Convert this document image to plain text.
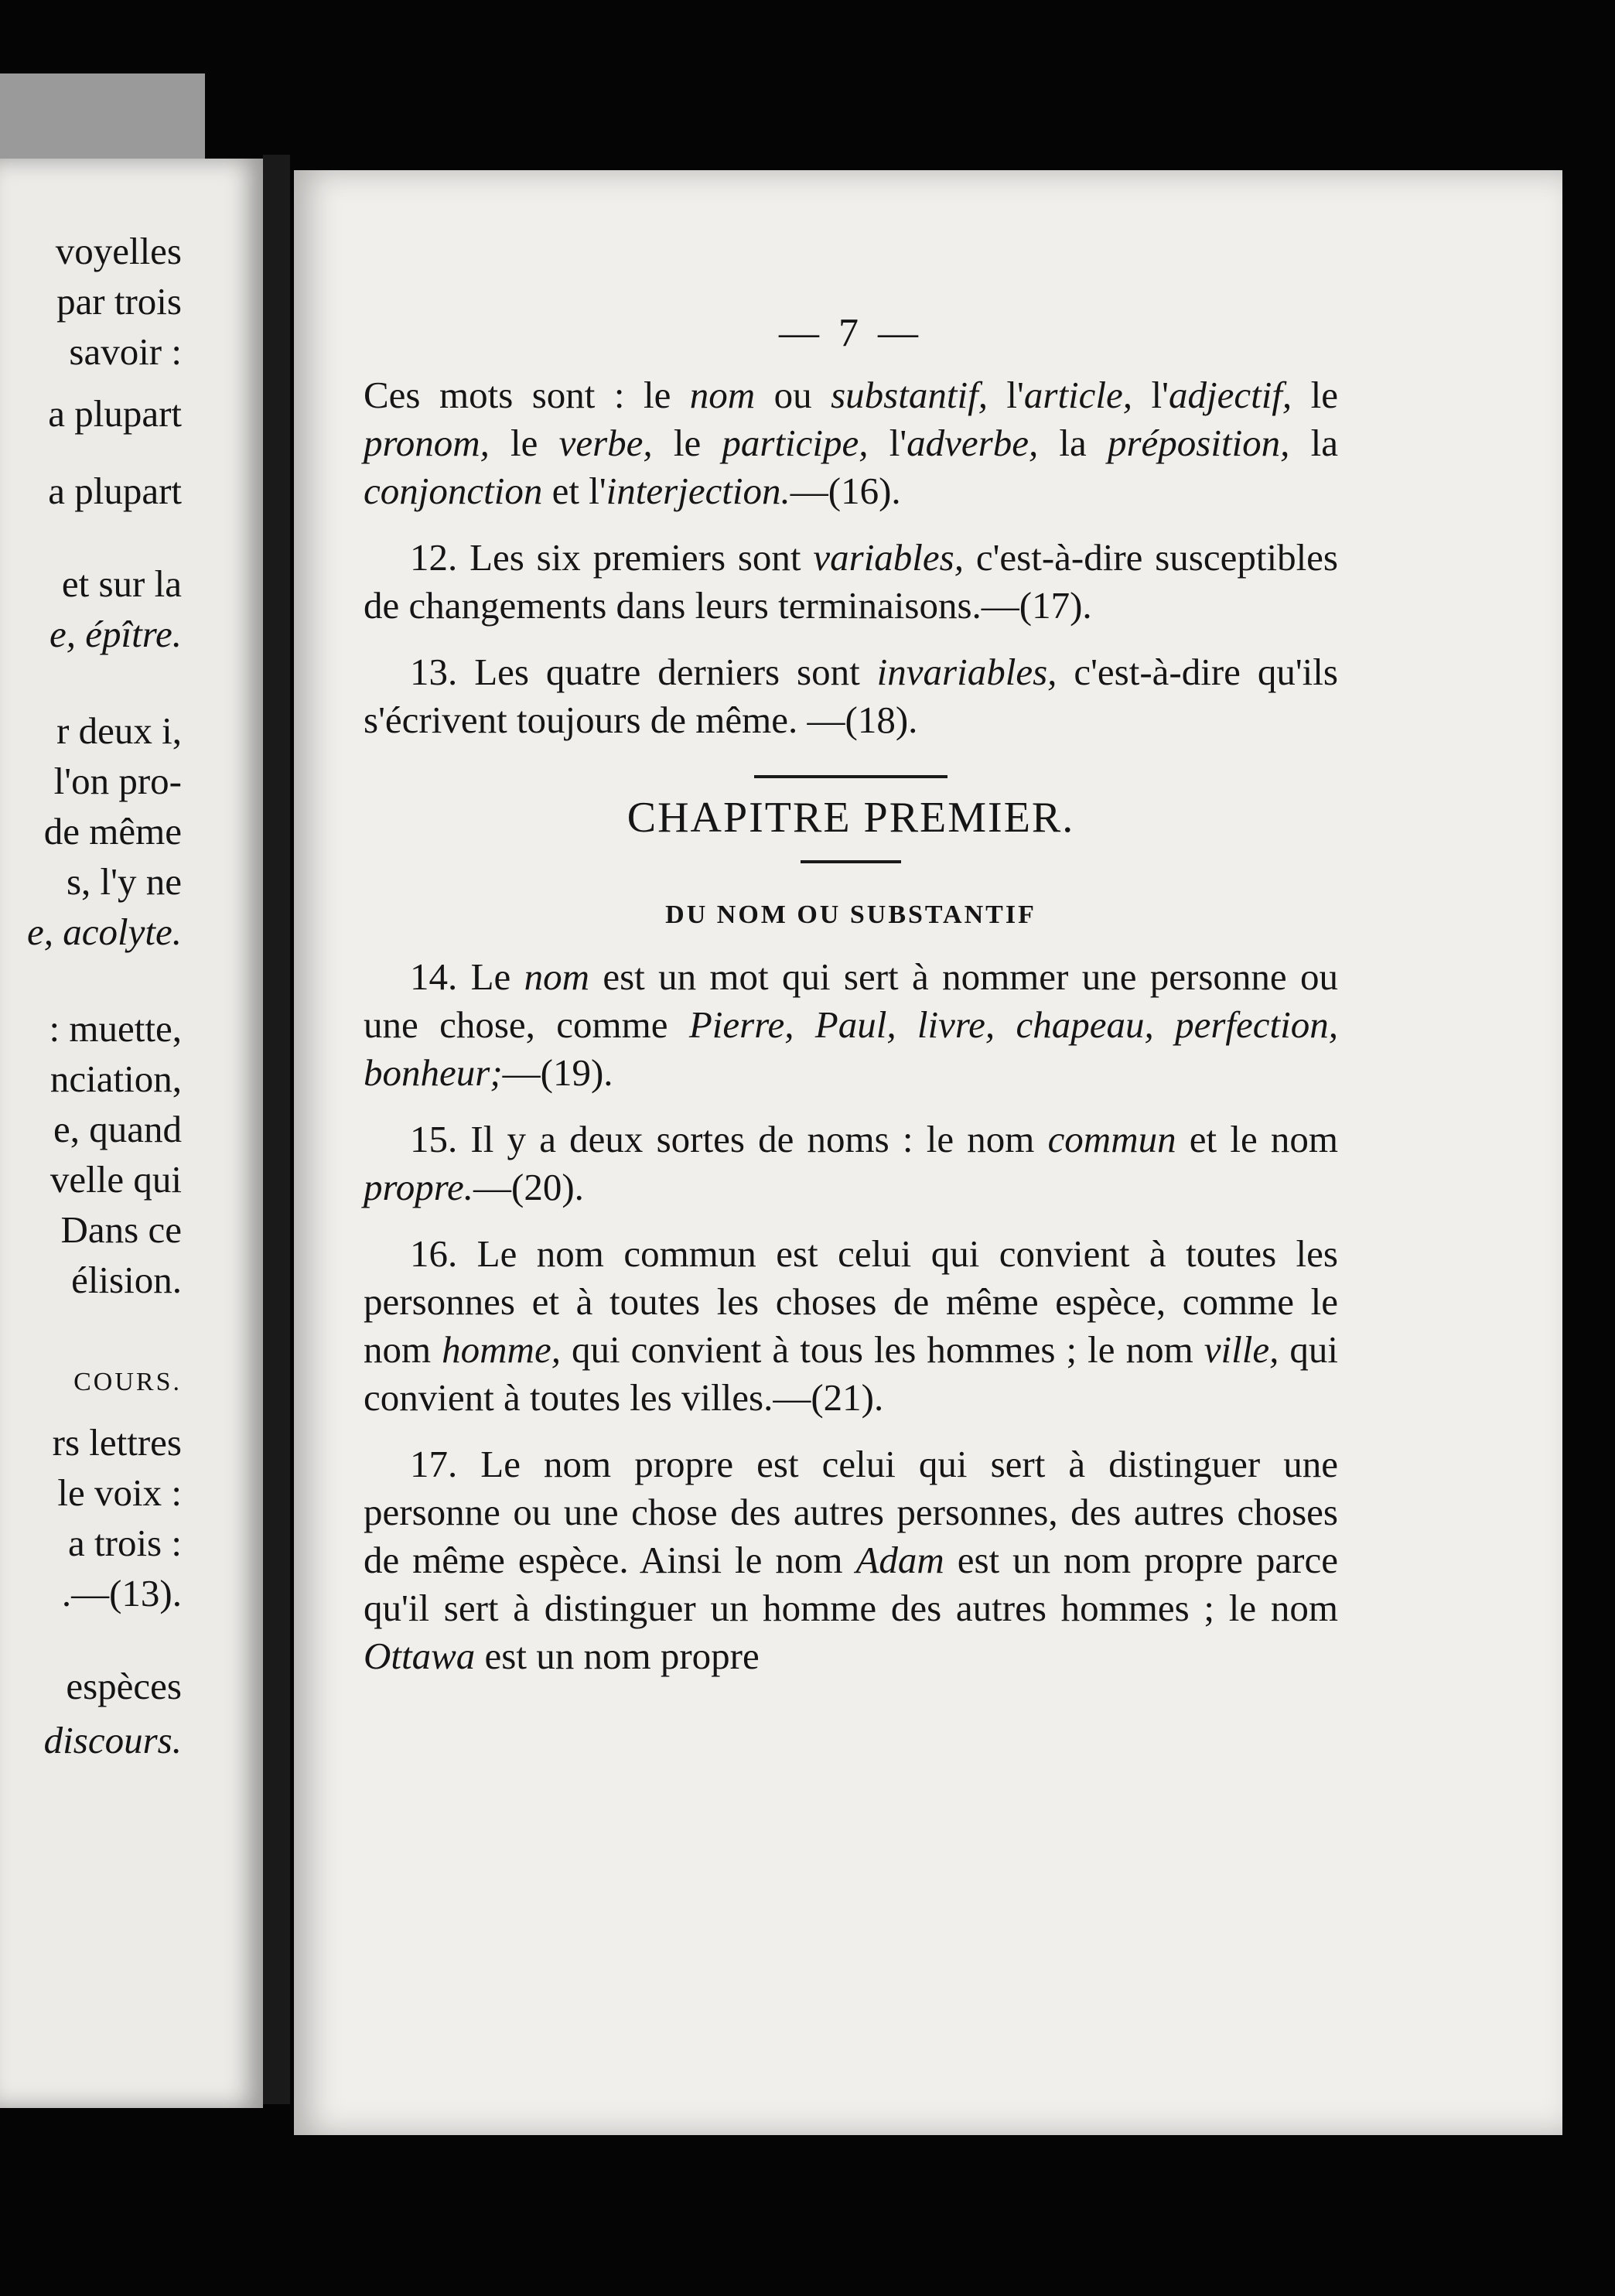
voyelles
par trois
savoir :
a plupart
a plupart
et sur la
e, épître.
r deux i,
l'on pro-
de même
s, l'y ne
e, acolyte.
: muette,
nciation,
e, quand
velle qui
Dans ce
élision.
COURS.
rs lettres
le voix :
a trois :
.—(13).
espèces
discours.
— 7 —

Ces mots sont : le nom ou substantif, l'article, l'adjectif, le pronom, le verbe, le participe, l'adverbe, la préposition, la conjonction et l'interjection.—(16).

12. Les six premiers sont variables, c'est-à-dire susceptibles de changements dans leurs terminaisons.—(17).

13. Les quatre derniers sont invariables, c'est-à-dire qu'ils s'écrivent toujours de même. —(18).

CHAPITRE PREMIER.
DU NOM OU SUBSTANTIF

14. Le nom est un mot qui sert à nommer une personne ou une chose, comme Pierre, Paul, livre, chapeau, perfection, bonheur;—(19).

15. Il y a deux sortes de noms : le nom commun et le nom propre.—(20).

16. Le nom commun est celui qui convient à toutes les personnes et à toutes les choses de même espèce, comme le nom homme, qui convient à tous les hommes ; le nom ville, qui convient à toutes les villes.—(21).

17. Le nom propre est celui qui sert à distinguer une personne ou une chose des autres personnes, des autres choses de même espèce. Ainsi le nom Adam est un nom propre parce qu'il sert à distinguer un homme des autres hommes ; le nom Ottawa est un nom propre
